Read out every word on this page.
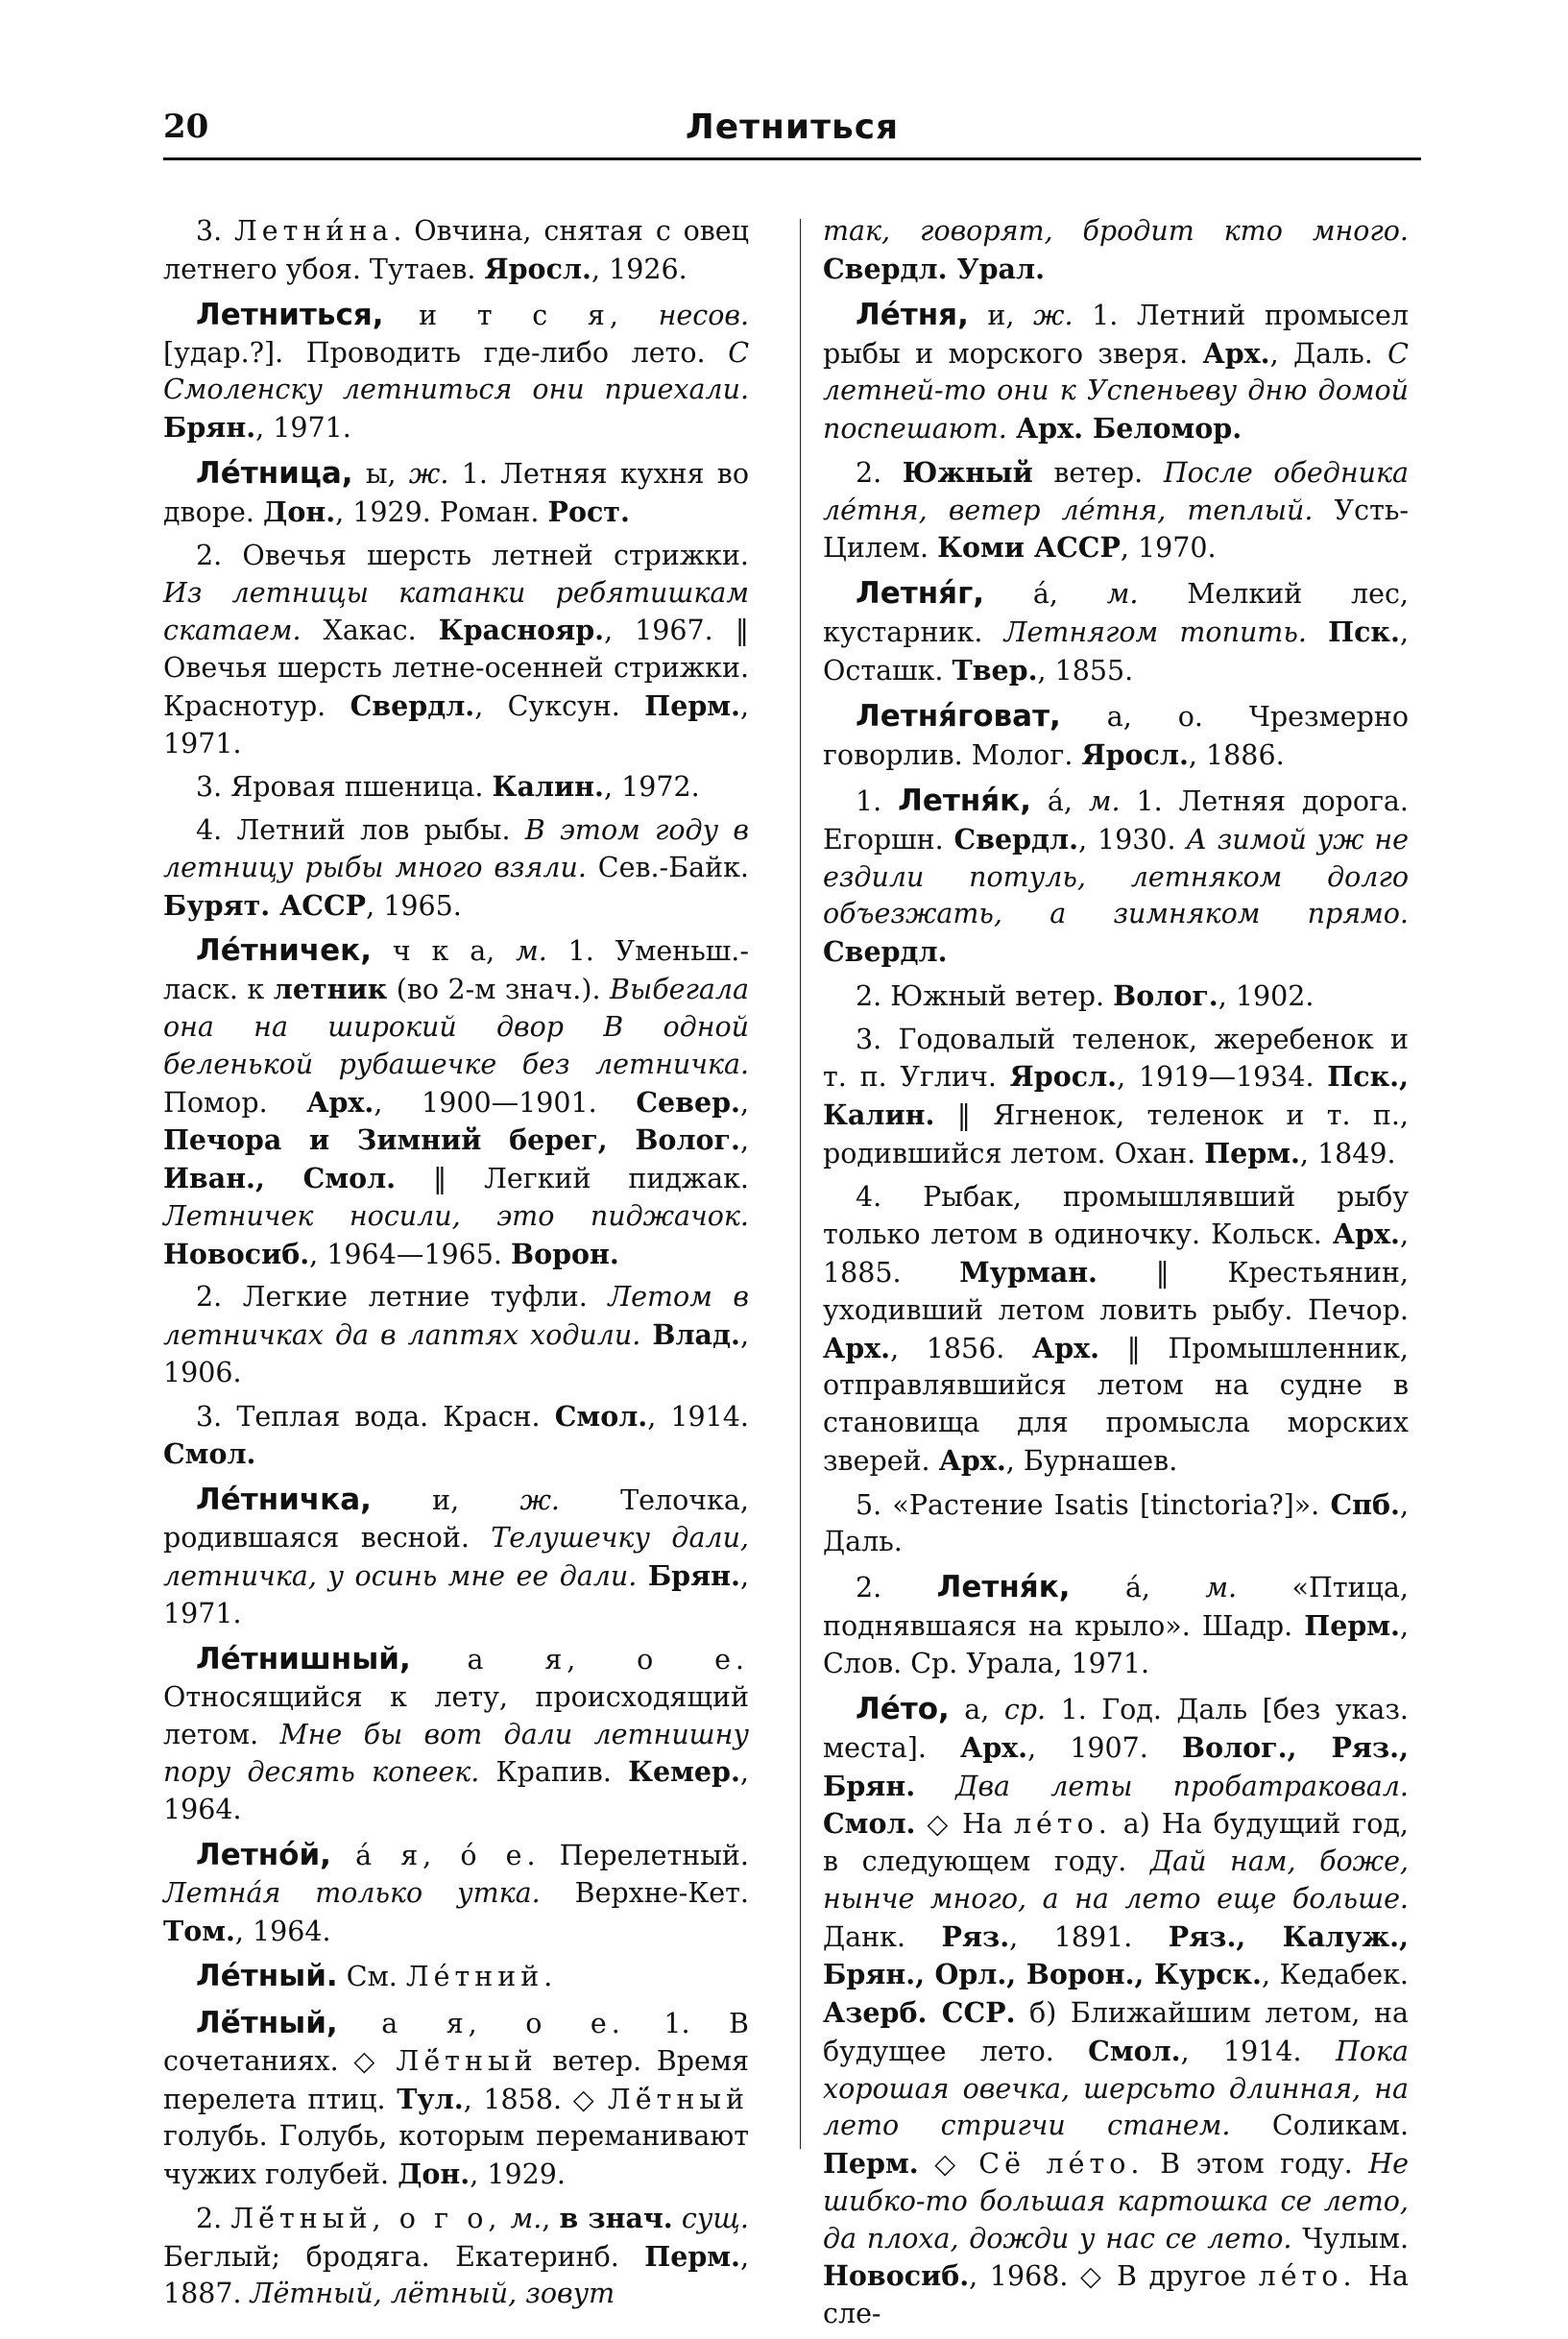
20	Летниться

3. Летни́на. Овчина, снятая с овец летнего убоя. Тутаев. Яросл., 1926.

Летниться, и т с я, несов. [удар.?]. Проводить где-либо лето. С Смоленску летниться они приехали. Брян., 1971.

Ле́тница, ы, ж. 1. Летняя кухня во дворе. Дон., 1929. Роман. Рост.

2. Овечья шерсть летней стрижки. Из летницы катанки ребятишкам скатаем. Хакас. Краснояр., 1967. ‖ Овечья шерсть летне-осенней стрижки. Краснотур. Свердл., Суксун. Перм., 1971.

3. Яровая пшеница. Калин., 1972.

4. Летний лов рыбы. В этом году в летницу рыбы много взяли. Сев.-Байк. Бурят. АССР, 1965.

Ле́тничек, ч к а, м. 1. Уменьш.-ласк. к летник (во 2-м знач.). Выбегала она на широкий двор В одной беленькой рубашечке без летничка. Помор. Арх., 1900—1901. Север., Печора и Зимний берег, Волог., Иван., Смол. ‖ Легкий пиджак. Летничек носили, это пиджачок. Новосиб., 1964—1965. Ворон.

2. Легкие летние туфли. Летом в летничках да в лаптях ходили. Влад., 1906.

3. Теплая вода. Красн. Смол., 1914. Смол.

Ле́тничка, и, ж. Телочка, родившаяся весной. Телушечку дали, летничка, у осинь мне ее дали. Брян., 1971.

Ле́тнишный, а я, о е. Относящийся к лету, происходящий летом. Мне бы вот дали летнишну пору десять копеек. Крапив. Кемер., 1964.

Летно́й, а́ я, о́ е. Перелетный. Летна́я только утка. Верхне-Кет. Том., 1964.

Ле́тный. См. Ле́тний.

Лё́тный, а я, о е. 1. В сочетаниях. ◇ Лё́тный ветер. Время перелета птиц. Тул., 1858. ◇ Лё́тный голубь. Голубь, которым переманивают чужих голубей. Дон., 1929.

2. Лё́тный, о г о, м., в знач. сущ. Беглый; бродяга. Екатеринб. Перм., 1887. Лётный, лётный, зовут

так, говорят, бродит кто много. Свердл. Урал.

Ле́тня, и, ж. 1. Летний промысел рыбы и морского зверя. Арх., Даль. С летней-то они к Успеньеву дню домой поспешают. Арх. Беломор.

2. Южный ветер. После обедника ле́тня, ветер ле́тня, теплый. Усть-Цилем. Коми АССР, 1970.

Летня́г, а́, м. Мелкий лес, кустарник. Летнягом топить. Пск., Осташк. Твер., 1855.

Летня́говат, а, о. Чрезмерно говорлив. Молог. Яросл., 1886.

1. Летня́к, а́, м. 1. Летняя дорога. Егоршн. Свердл., 1930. А зимой уж не ездили потуль, летняком долго объезжать, а зимняком прямо. Свердл.

2. Южный ветер. Волог., 1902.

3. Годовалый теленок, жеребенок и т. п. Углич. Яросл., 1919—1934. Пск., Калин. ‖ Ягненок, теленок и т. п., родившийся летом. Охан. Перм., 1849.

4. Рыбак, промышлявший рыбу только летом в одиночку. Кольск. Арх., 1885. Мурман. ‖ Крестьянин, уходивший летом ловить рыбу. Печор. Арх., 1856. Арх. ‖ Промышленник, отправлявшийся летом на судне в становища для промысла морских зверей. Арх., Бурнашев.

5. «Растение Isatis [tinctoria?]». Спб., Даль.

2. Летня́к, а́, м. «Птица, поднявшаяся на крыло». Шадр. Перм., Слов. Ср. Урала, 1971.

Ле́то, а, ср. 1. Год. Даль [без указ. места]. Арх., 1907. Волог., Ряз., Брян. Два леты пробатраковал. Смол. ◇ На ле́то. а) На будущий год, в следующем году. Дай нам, боже, нынче много, а на лето еще больше. Данк. Ряз., 1891. Ряз., Калуж., Брян., Орл., Ворон., Курск., Кедабек. Азерб. ССР. б) Ближайшим летом, на будущее лето. Смол., 1914. Пока хорошая овечка, шерсьто длинная, на лето стригчи станем. Соликам. Перм. ◇ Сё ле́то. В этом году. Не шибко-то большая картошка се лето, да плоха, дожди у нас се лето. Чулым. Новосиб., 1968. ◇ В другое ле́то. На сле-
